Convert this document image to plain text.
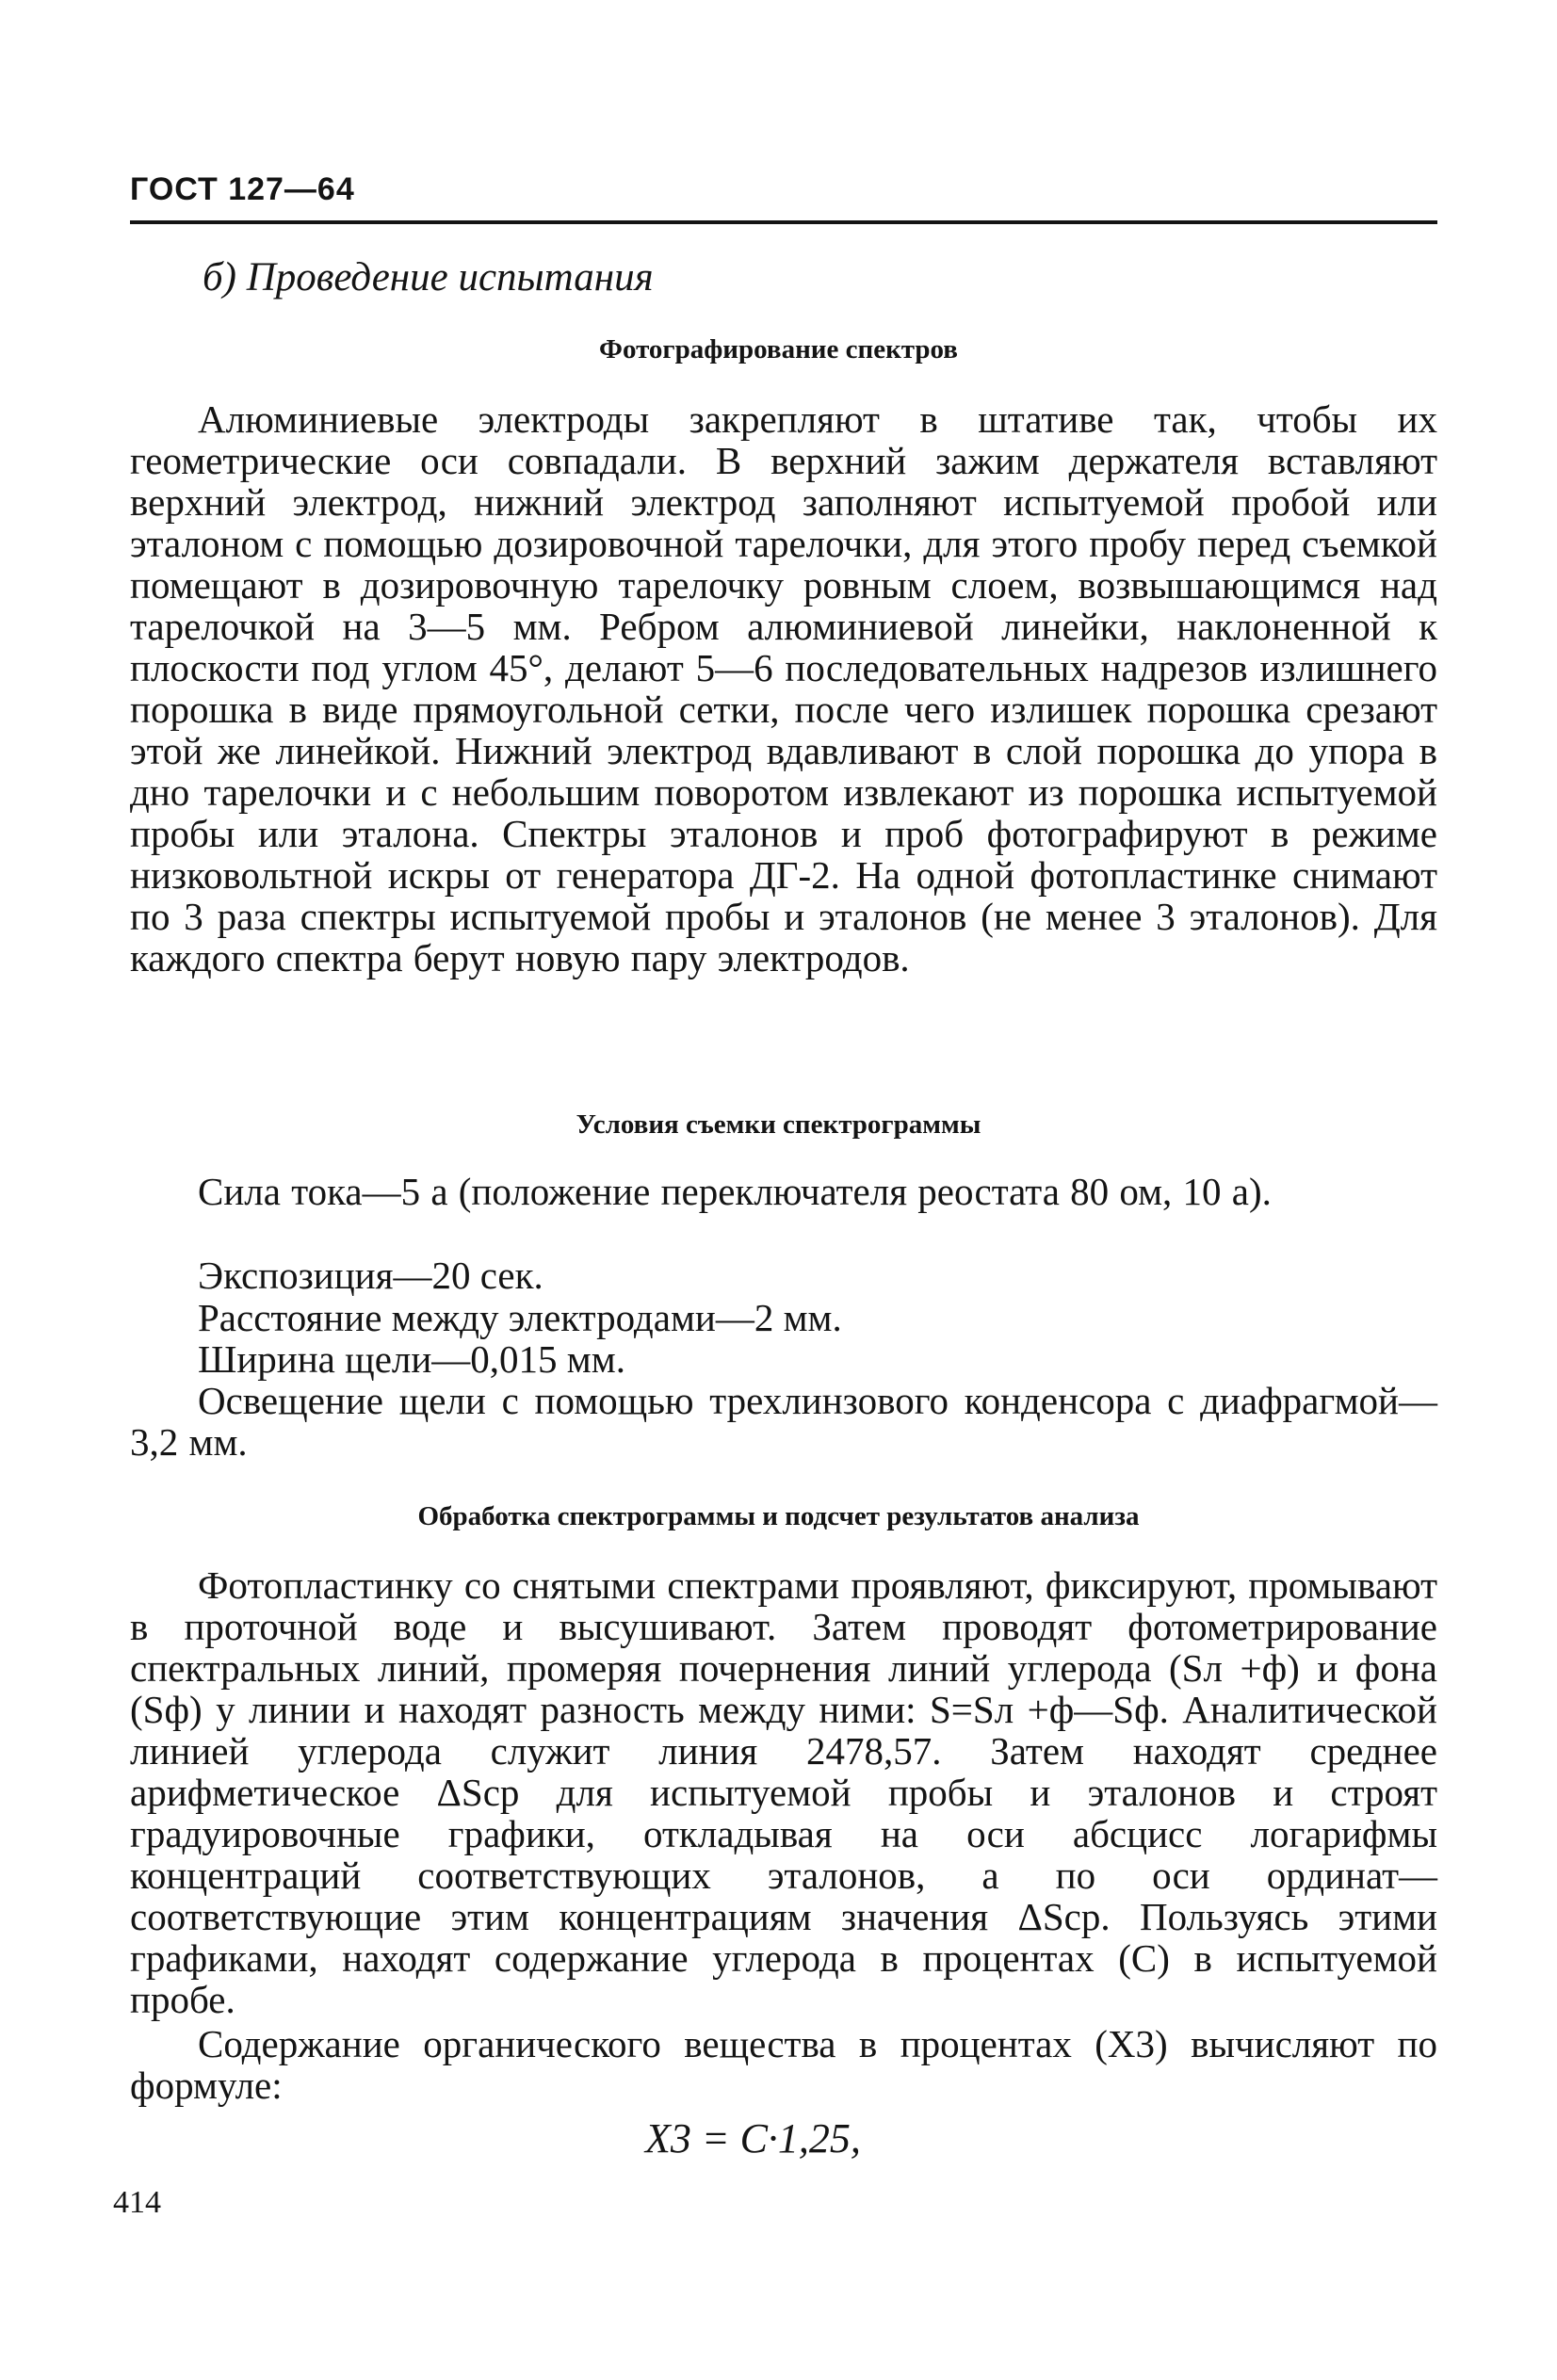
ГОСТ 127—64
б) Проведение испытания
Фотографирование спектров
Алюминиевые электроды закрепляют в штативе так, чтобы их геометрические оси совпадали. В верхний зажим держателя вставляют верхний электрод, нижний электрод заполняют испытуемой пробой или эталоном с помощью дозировочной тарелочки, для этого пробу перед съемкой помещают в дозировочную тарелочку ровным слоем, возвышающимся над тарелочкой на 3—5 мм. Ребром алюминиевой линейки, наклоненной к плоскости под углом 45°, делают 5—6 последовательных надрезов излишнего порошка в виде прямоугольной сетки, после чего излишек порошка срезают этой же линейкой. Нижний электрод вдавливают в слой порошка до упора в дно тарелочки и с небольшим поворотом извлекают из порошка испытуемой пробы или эталона. Спектры эталонов и проб фотографируют в режиме низковольтной искры от генератора ДГ-2. На одной фотопластинке снимают по 3 раза спектры испытуемой пробы и эталонов (не менее 3 эталонов). Для каждого спектра берут новую пару электродов.
Условия съемки спектрограммы
Сила тока—5 а (положение переключателя реостата 80 ом, 10 а).
Экспозиция—20 сек.
Расстояние между электродами—2 мм.
Ширина щели—0,015 мм.
Освещение щели с помощью трехлинзового конденсора с диафрагмой—3,2 мм.
Обработка спектрограммы и подсчет результатов анализа
Фотопластинку со снятыми спектрами проявляют, фиксируют, промывают в проточной воде и высушивают. Затем проводят фотометрирование спектральных линий, промеряя почернения линий углерода (Sл +ф) и фона (Sф) у линии и находят разность между ними: S=Sл +ф—Sф. Аналитической линией углерода служит линия 2478,57. Затем находят среднее арифметическое ΔSср для испытуемой пробы и эталонов и строят градуировочные графики, откладывая на оси абсцисс логарифмы концентраций соответствующих эталонов, а по оси ординат—соответствующие этим концентрациям значения ΔSср. Пользуясь этими графиками, находят содержание углерода в процентах (C) в испытуемой пробе.
Содержание органического вещества в процентах (X3) вычисляют по формуле:
X3 = C·1,25,
414
